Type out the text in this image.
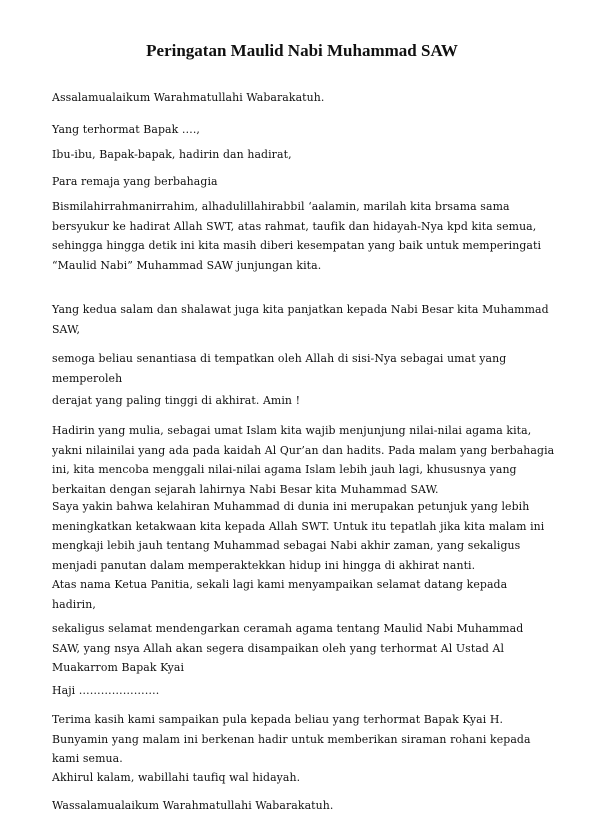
Peringatan Maulid Nabi Muhammad SAW

Assalamualaikum Warahmatullahi Wabarakatuh.

Yang terhormat Bapak ….,

Ibu-ibu, Bapak-bapak, hadirin dan hadirat,

Para remaja yang berbahagia

Bismilahirrahmanirrahim, alhadulillahirabbil ‘aalamin, marilah kita brsama sama
bersyukur ke hadirat Allah SWT, atas rahmat, taufik dan hidayah-Nya kpd kita semua,
sehingga hingga detik ini kita masih diberi kesempatan yang baik untuk memperingati
“Maulid Nabi” Muhammad SAW junjungan kita.

Yang kedua salam dan shalawat juga kita panjatkan kepada Nabi Besar kita Muhammad
SAW,

semoga beliau senantiasa di tempatkan oleh Allah di sisi-Nya sebagai umat yang
memperoleh

derajat yang paling tinggi di akhirat. Amin !

Hadirin yang mulia, sebagai umat Islam kita wajib menjunjung nilai-nilai agama kita,
yakni nilainilai yang ada pada kaidah Al Qur’an dan hadits. Pada malam yang berbahagia
ini, kita mencoba menggali nilai-nilai agama Islam lebih jauh lagi, khususnya yang
berkaitan dengan sejarah lahirnya Nabi Besar kita Muhammad SAW.

Saya yakin bahwa kelahiran Muhammad di dunia ini merupakan petunjuk yang lebih
meningkatkan ketakwaan kita kepada Allah SWT. Untuk itu tepatlah jika kita malam ini
mengkaji lebih jauh tentang Muhammad sebagai Nabi akhir zaman, yang sekaligus
menjadi panutan dalam memperaktekkan hidup ini hingga di akhirat nanti.

Atas nama Ketua Panitia, sekali lagi kami menyampaikan selamat datang kepada
hadirin,

sekaligus selamat mendengarkan ceramah agama tentang Maulid Nabi Muhammad
SAW, yang nsya Allah akan segera disampaikan oleh yang terhormat Al Ustad Al
Muakarrom Bapak Kyai

Haji ………………….

Terima kasih kami sampaikan pula kepada beliau yang terhormat Bapak Kyai H.
Bunyamin yang malam ini berkenan hadir untuk memberikan siraman rohani kepada
kami semua.

Akhirul kalam, wabillahi taufiq wal hidayah.

Wassalamualaikum Warahmatullahi Wabarakatuh.
